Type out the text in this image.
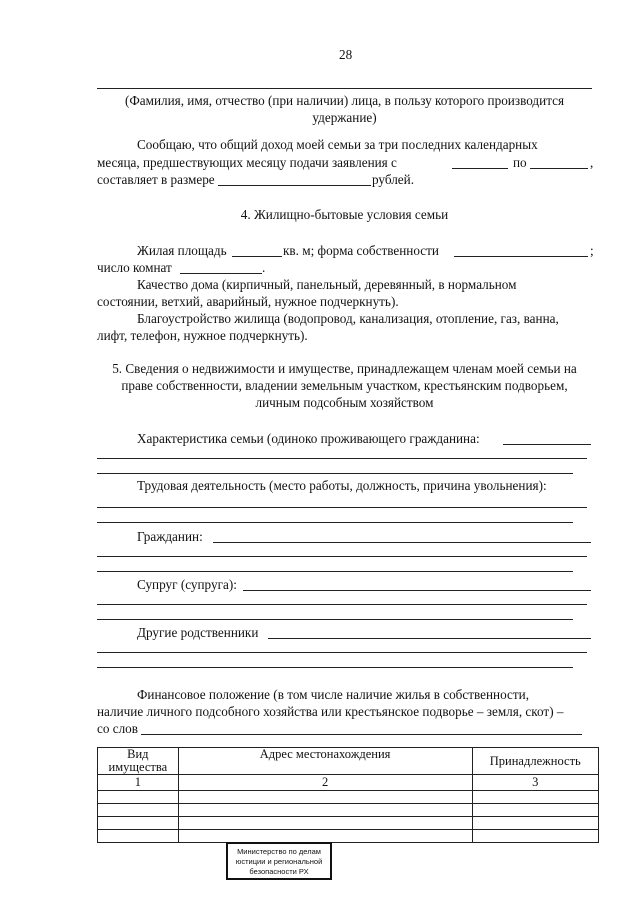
28
(Фамилия, имя, отчество (при наличии) лица, в пользу которого производится
удержание)
Сообщаю, что общий доход моей семьи за три последних календарных
месяца, предшествующих месяцу подачи заявления с	по	,
составляет в размере	рублей.
4. Жилищно-бытовые условия семьи
Жилая площадь	кв. м; форма собственности	;
число комнат	.
Качество дома (кирпичный, панельный, деревянный, в нормальном
состоянии, ветхий, аварийный, нужное подчеркнуть).
Благоустройство жилища (водопровод, канализация, отопление, газ, ванна,
лифт, телефон, нужное подчеркнуть).
5. Сведения о недвижимости и имуществе, принадлежащем членам моей семьи на
праве собственности, владении земельным участком, крестьянским подворьем,
личным подсобным хозяйством
Характеристика семьи (одиноко проживающего гражданина:
Трудовая деятельность (место работы, должность, причина увольнения):
Гражданин:
Супруг (супруга):
Другие родственники
Финансовое положение (в том числе наличие жилья в собственности,
наличие личного подсобного хозяйства или крестьянское подворье – земля, скот) –
со слов
Вид имущества	Адрес местонахождения	Принадлежность
1	2	3

Министерство по делам
юстиции и региональной
безопасности РХ
